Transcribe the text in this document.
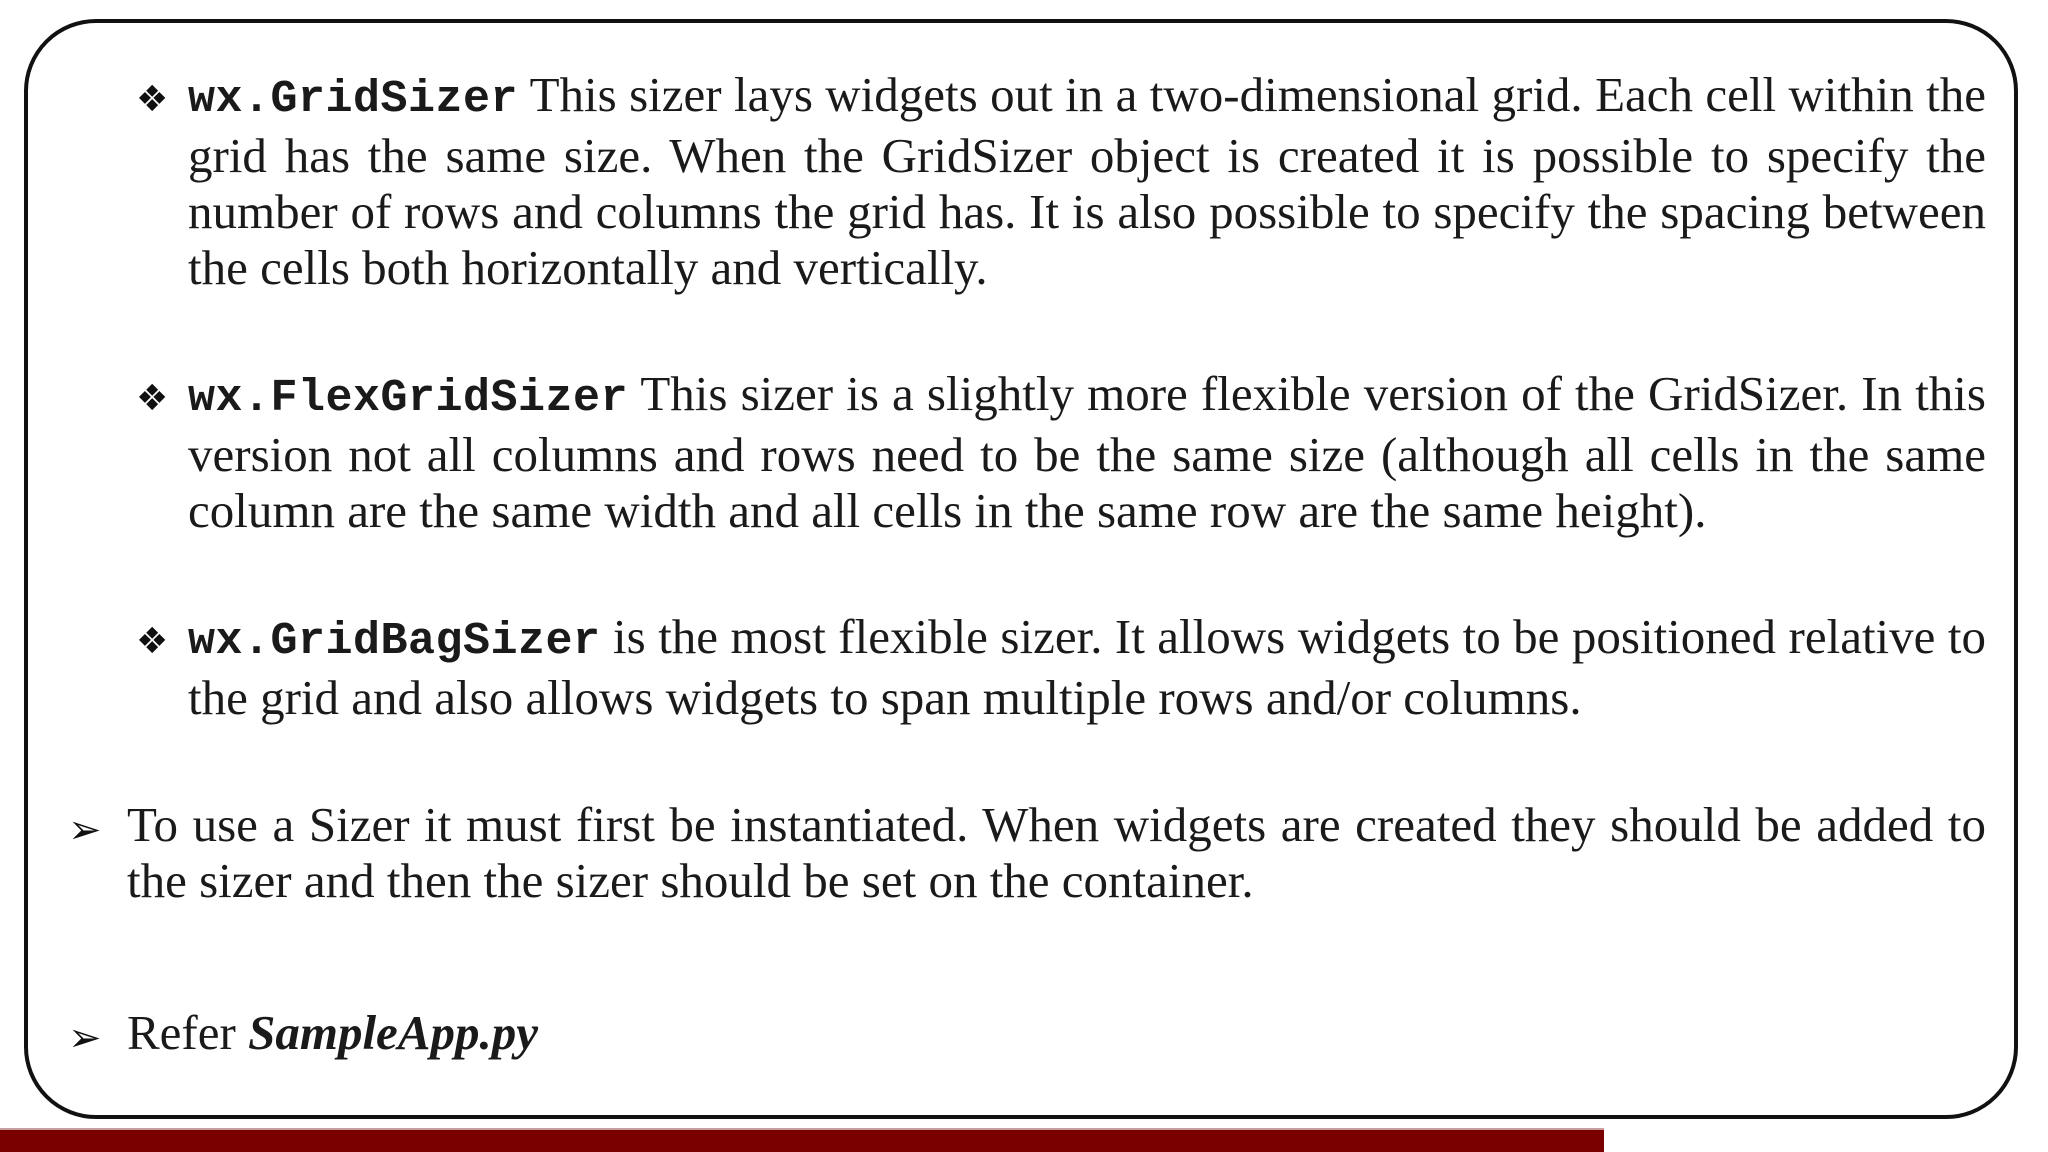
❖ wx.GridSizer This sizer lays widgets out in a two-dimensional grid. Each cell within the grid has the same size. When the GridSizer object is created it is possible to specify the number of rows and columns the grid has. It is also possible to specify the spacing between the cells both horizontally and vertically.
❖ wx.FlexGridSizer This sizer is a slightly more flexible version of the GridSizer. In this version not all columns and rows need to be the same size (although all cells in the same column are the same width and all cells in the same row are the same height).
❖ wx.GridBagSizer is the most flexible sizer. It allows widgets to be positioned relative to the grid and also allows widgets to span multiple rows and/or columns.
➢ To use a Sizer it must first be instantiated. When widgets are created they should be added to the sizer and then the sizer should be set on the container.
➢ Refer SampleApp.py
